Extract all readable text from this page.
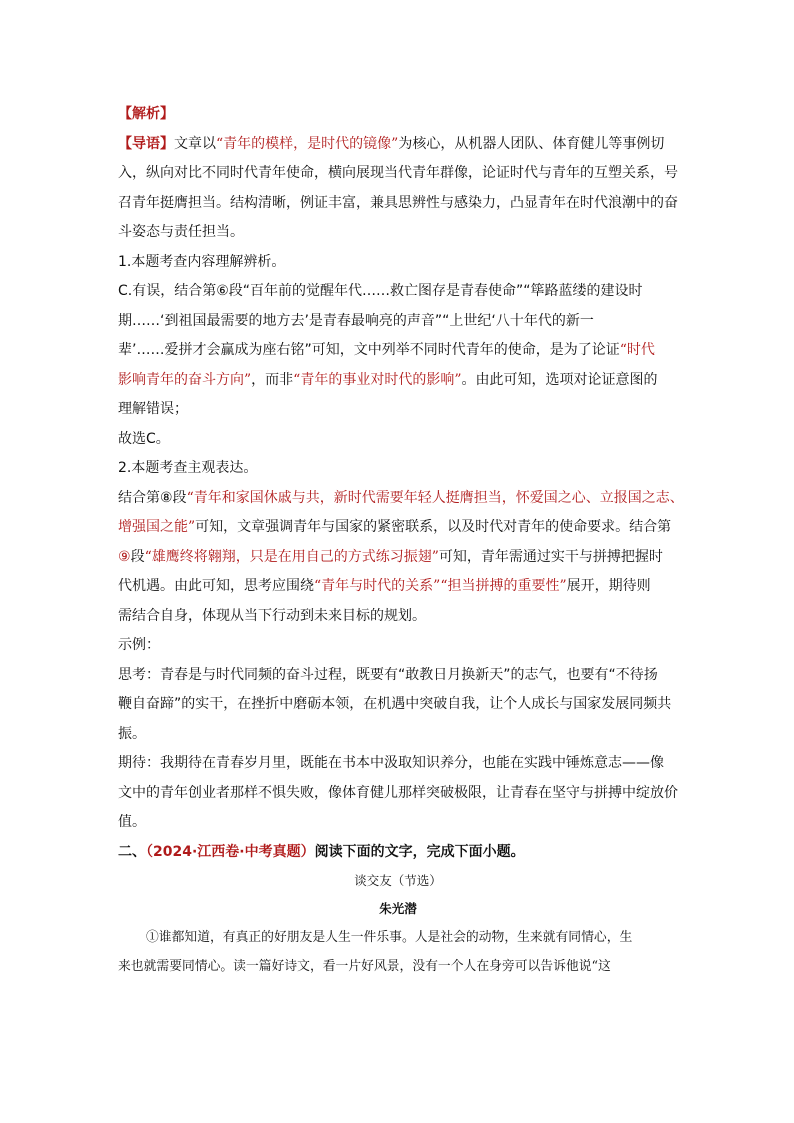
【解析】
【导语】文章以“青年的模样，是时代的镜像”为核心，从机器人团队、体育健儿等事例切
入，纵向对比不同时代青年使命，横向展现当代青年群像，论证时代与青年的互塑关系，号
召青年挺膺担当。结构清晰，例证丰富，兼具思辨性与感染力，凸显青年在时代浪潮中的奋
斗姿态与责任担当。
1.本题考查内容理解辨析。
C.有误，结合第⑥段“百年前的觉醒年代……救亡图存是青春使命”“筚路蓝缕的建设时
期……‘到祖国最需要的地方去’是青春最响亮的声音”“上世纪‘八十年代的新一
辈’……爱拼才会赢成为座右铭”可知，文中列举不同时代青年的使命，是为了论证“时代
影响青年的奋斗方向”，而非“青年的事业对时代的影响”。由此可知，选项对论证意图的
理解错误；
故选C。
2.本题考查主观表达。
结合第⑧段“青年和家国休戚与共，新时代需要年轻人挺膺担当，怀爱国之心、立报国之志、
增强国之能”可知，文章强调青年与国家的紧密联系，以及时代对青年的使命要求。结合第
⑨段“雄鹰终将翱翔，只是在用自己的方式练习振翅”可知，青年需通过实干与拼搏把握时
代机遇。由此可知，思考应围绕“青年与时代的关系”“担当拼搏的重要性”展开，期待则
需结合自身，体现从当下行动到未来目标的规划。
示例：
思考：青春是与时代同频的奋斗过程，既要有“敢教日月换新天”的志气，也要有“不待扬
鞭自奋蹄”的实干，在挫折中磨砺本领，在机遇中突破自我，让个人成长与国家发展同频共
振。
期待：我期待在青春岁月里，既能在书本中汲取知识养分，也能在实践中锤炼意志——像
文中的青年创业者那样不惧失败，像体育健儿那样突破极限，让青春在坚守与拼搏中绽放价
值。
二、（2024·江西卷·中考真题）阅读下面的文字，完成下面小题。
谈交友（节选）
朱光潜
①谁都知道，有真正的好朋友是人生一件乐事。人是社会的动物，生来就有同情心，生
来也就需要同情心。读一篇好诗文，看一片好风景，没有一个人在身旁可以告诉他说“这
